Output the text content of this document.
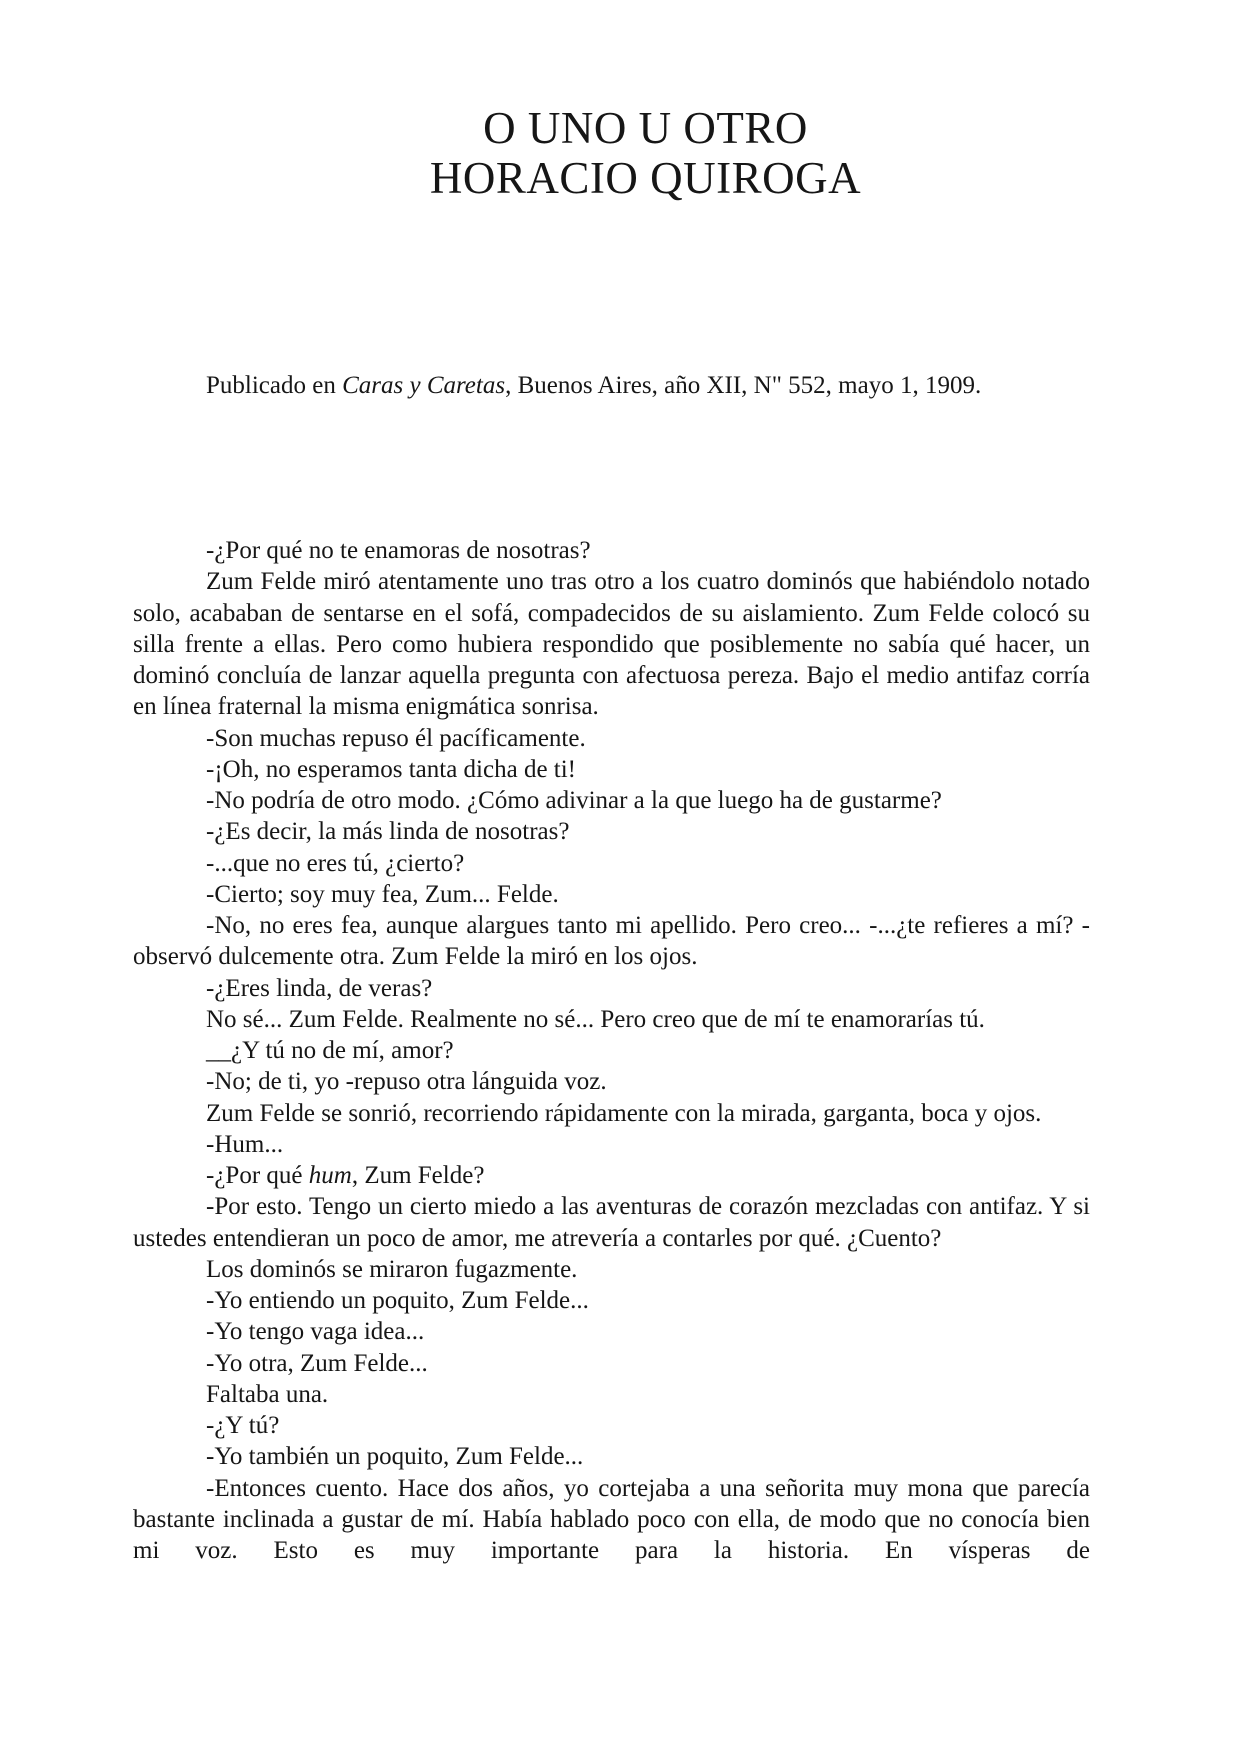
O UNO U OTRO
HORACIO QUIROGA

Publicado en Caras y Caretas, Buenos Aires, año XII, N" 552, mayo 1, 1909.

-¿Por qué no te enamoras de nosotras?

Zum Felde miró atentamente uno tras otro a los cuatro dominós que habiéndolo notado solo, acababan de sentarse en el sofá, compadecidos de su aislamiento. Zum Felde colocó su silla frente a ellas. Pero como hubiera respondido que posiblemente no sabía qué hacer, un dominó concluía de lanzar aquella pregunta con afectuosa pereza. Bajo el medio antifaz corría en línea fraternal la misma enigmática sonrisa.

-Son muchas repuso él pacíficamente.

-¡Oh, no esperamos tanta dicha de ti!

-No podría de otro modo. ¿Cómo adivinar a la que luego ha de gustarme?

-¿Es decir, la más linda de nosotras?

-...que no eres tú, ¿cierto?

-Cierto; soy muy fea, Zum... Felde.

-No, no eres fea, aunque alargues tanto mi apellido. Pero creo... -...¿te refieres a mí? -observó dulcemente otra. Zum Felde la miró en los ojos.

-¿Eres linda, de veras?

No sé... Zum Felde. Realmente no sé... Pero creo que de mí te enamorarías tú.

__¿Y tú no de mí, amor?

-No; de ti, yo -repuso otra lánguida voz.

Zum Felde se sonrió, recorriendo rápidamente con la mirada, garganta, boca y ojos.

-Hum...

-¿Por qué hum, Zum Felde?

-Por esto. Tengo un cierto miedo a las aventuras de corazón mezcladas con antifaz. Y si ustedes entendieran un poco de amor, me atrevería a contarles por qué. ¿Cuento?

Los dominós se miraron fugazmente.

-Yo entiendo un poquito, Zum Felde...

-Yo tengo vaga idea...

-Yo otra, Zum Felde...

Faltaba una.

-¿Y tú?

-Yo también un poquito, Zum Felde...

-Entonces cuento. Hace dos años, yo cortejaba a una señorita muy mona que parecía bastante inclinada a gustar de mí. Había hablado poco con ella, de modo que no conocía bien mi voz. Esto es muy importante para la historia. En vísperas de
